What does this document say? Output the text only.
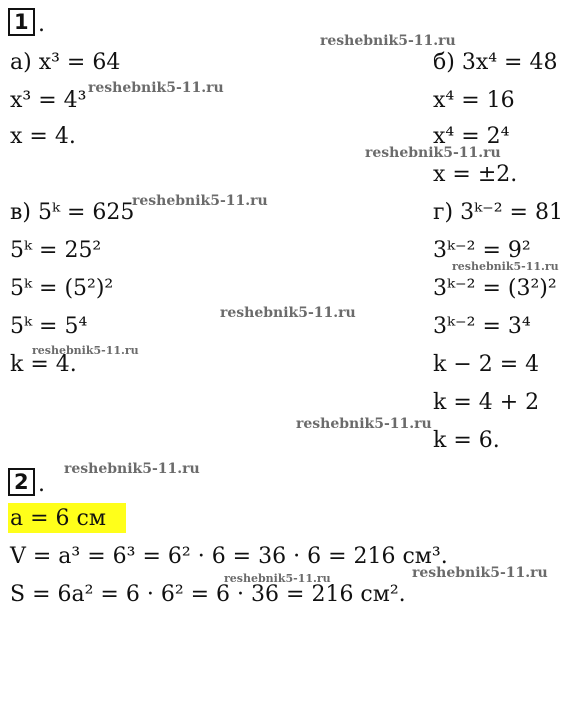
1 .
а) x³ = 64
x³ = 4³
x = 4.
б) 3x⁴ = 48
x⁴ = 16
x⁴ = 2⁴
x = ±2.
в) 5ᵏ = 625
5ᵏ = 25²
5ᵏ = (5²)²
5ᵏ = 5⁴
k = 4.
г) 3ᵏ⁻² = 81
3ᵏ⁻² = 9²
3ᵏ⁻² = (3²)²
3ᵏ⁻² = 3⁴
k − 2 = 4
k = 4 + 2
k = 6.
2 .
a = 6 см
V = a³ = 6³ = 6² · 6 = 36 · 6 = 216 см³.
S = 6a² = 6 · 6² = 6 · 36 = 216 см².
reshebnik5-11.ru
reshebnik5-11.ru
reshebnik5-11.ru
reshebnik5-11.ru
reshebnik5-11.ru
reshebnik5-11.ru
reshebnik5-11.ru
reshebnik5-11.ru
reshebnik5-11.ru
reshebnik5-11.ru	reshebnik5-11.ru
